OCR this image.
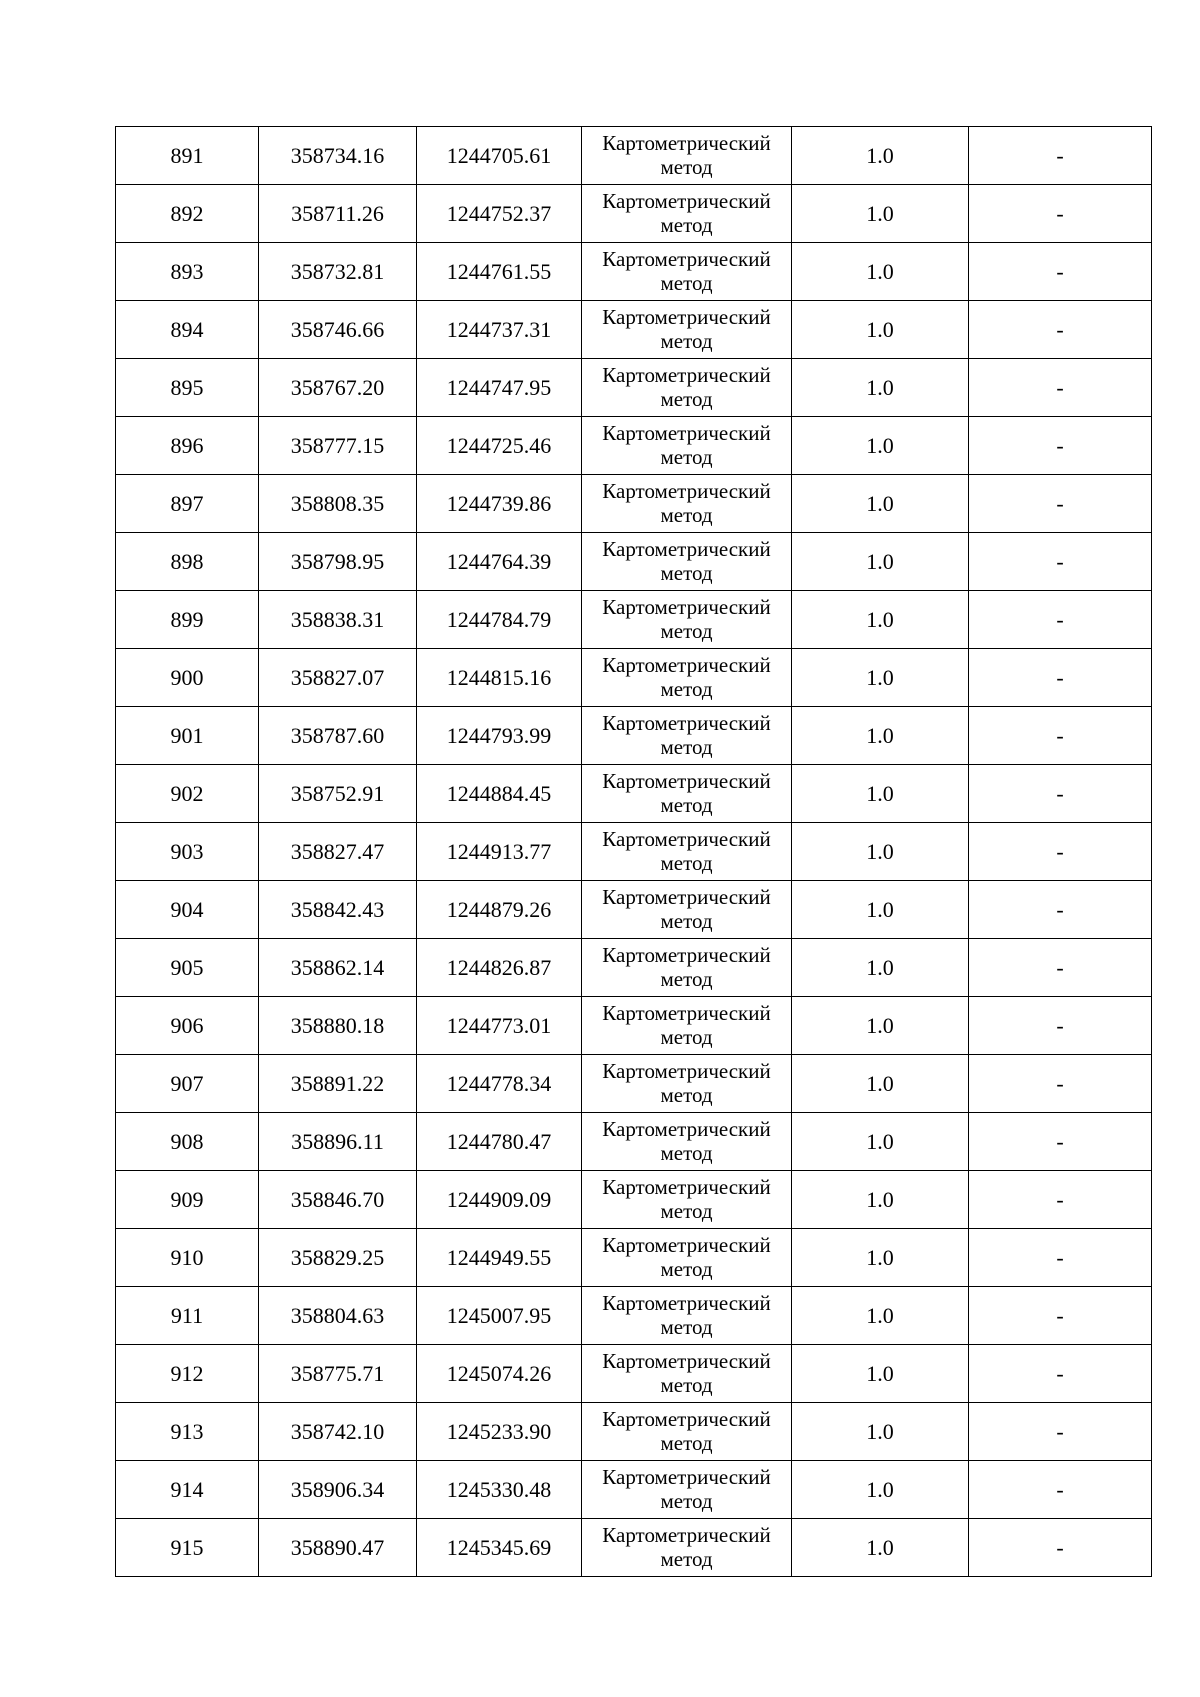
891	358734.16	1244705.61	Картометрический метод	1.0	-
892	358711.26	1244752.37	Картометрический метод	1.0	-
893	358732.81	1244761.55	Картометрический метод	1.0	-
894	358746.66	1244737.31	Картометрический метод	1.0	-
895	358767.20	1244747.95	Картометрический метод	1.0	-
896	358777.15	1244725.46	Картометрический метод	1.0	-
897	358808.35	1244739.86	Картометрический метод	1.0	-
898	358798.95	1244764.39	Картометрический метод	1.0	-
899	358838.31	1244784.79	Картометрический метод	1.0	-
900	358827.07	1244815.16	Картометрический метод	1.0	-
901	358787.60	1244793.99	Картометрический метод	1.0	-
902	358752.91	1244884.45	Картометрический метод	1.0	-
903	358827.47	1244913.77	Картометрический метод	1.0	-
904	358842.43	1244879.26	Картометрический метод	1.0	-
905	358862.14	1244826.87	Картометрический метод	1.0	-
906	358880.18	1244773.01	Картометрический метод	1.0	-
907	358891.22	1244778.34	Картометрический метод	1.0	-
908	358896.11	1244780.47	Картометрический метод	1.0	-
909	358846.70	1244909.09	Картометрический метод	1.0	-
910	358829.25	1244949.55	Картометрический метод	1.0	-
911	358804.63	1245007.95	Картометрический метод	1.0	-
912	358775.71	1245074.26	Картометрический метод	1.0	-
913	358742.10	1245233.90	Картометрический метод	1.0	-
914	358906.34	1245330.48	Картометрический метод	1.0	-
915	358890.47	1245345.69	Картометрический метод	1.0	-
